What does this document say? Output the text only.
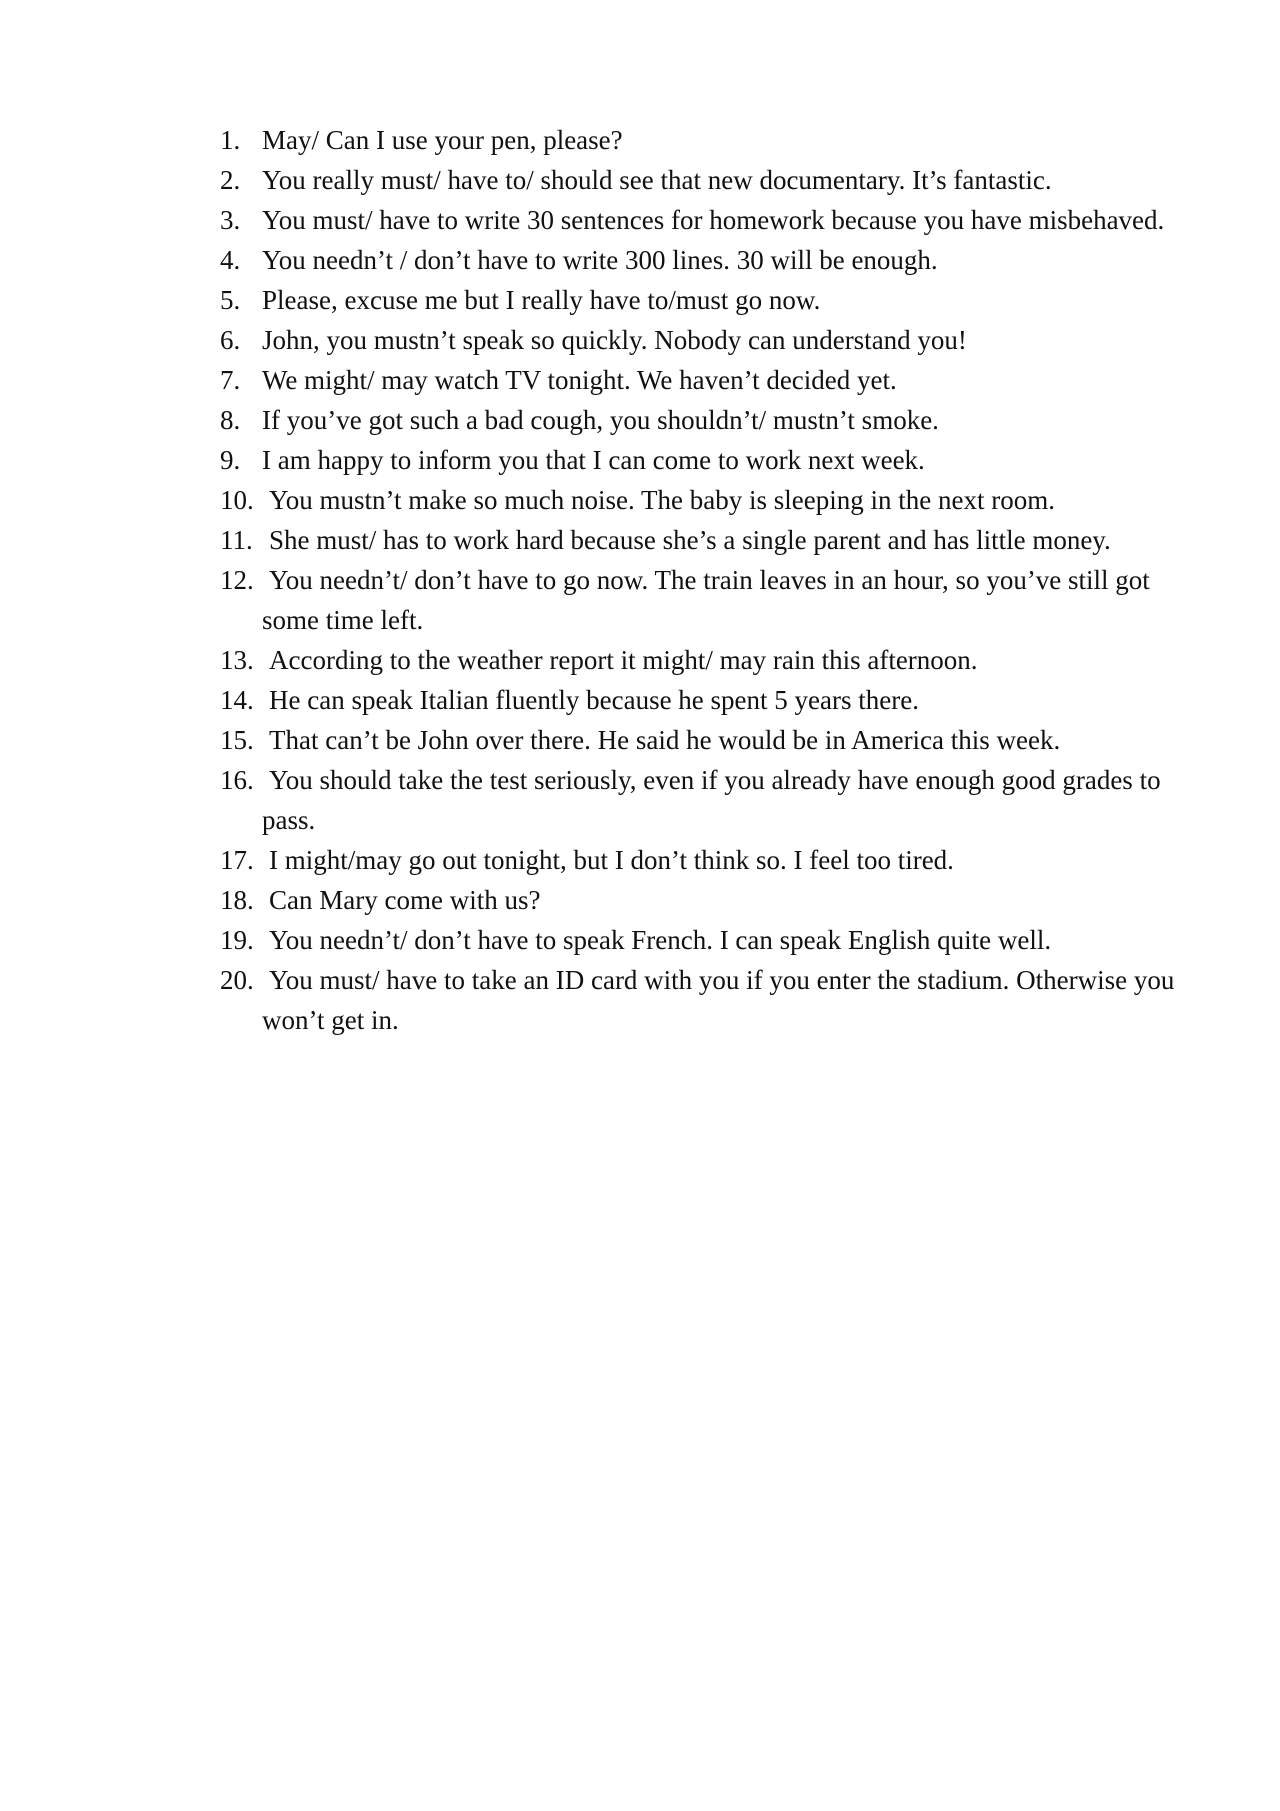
1. May/ Can I use your pen, please?
2. You really must/ have to/ should see that new documentary. It’s fantastic.
3. You must/ have to write 30 sentences for homework because you have misbehaved.
4. You needn’t / don’t have to write 300 lines. 30 will be enough.
5. Please, excuse me but I really have to/must go now.
6. John, you mustn’t speak so quickly. Nobody can understand you!
7. We might/ may watch TV tonight. We haven’t decided yet.
8. If you’ve got such a bad cough, you shouldn’t/ mustn’t smoke.
9. I am happy to inform you that I can come to work next week.
10. You mustn’t make so much noise. The baby is sleeping in the next room.
11. She must/ has to work hard because she’s a single parent and has little money.
12. You needn’t/ don’t have to go now. The train leaves in an hour, so you’ve still got some time left.
13. According to the weather report it might/ may rain this afternoon.
14. He can speak Italian fluently because he spent 5 years there.
15. That can’t be John over there. He said he would be in America this week.
16. You should take the test seriously, even if you already have enough good grades to pass.
17. I might/may go out tonight, but I don’t think so. I feel too tired.
18. Can Mary come with us?
19. You needn’t/ don’t have to speak French. I can speak English quite well.
20. You must/ have to take an ID card with you if you enter the stadium. Otherwise you won’t get in.
